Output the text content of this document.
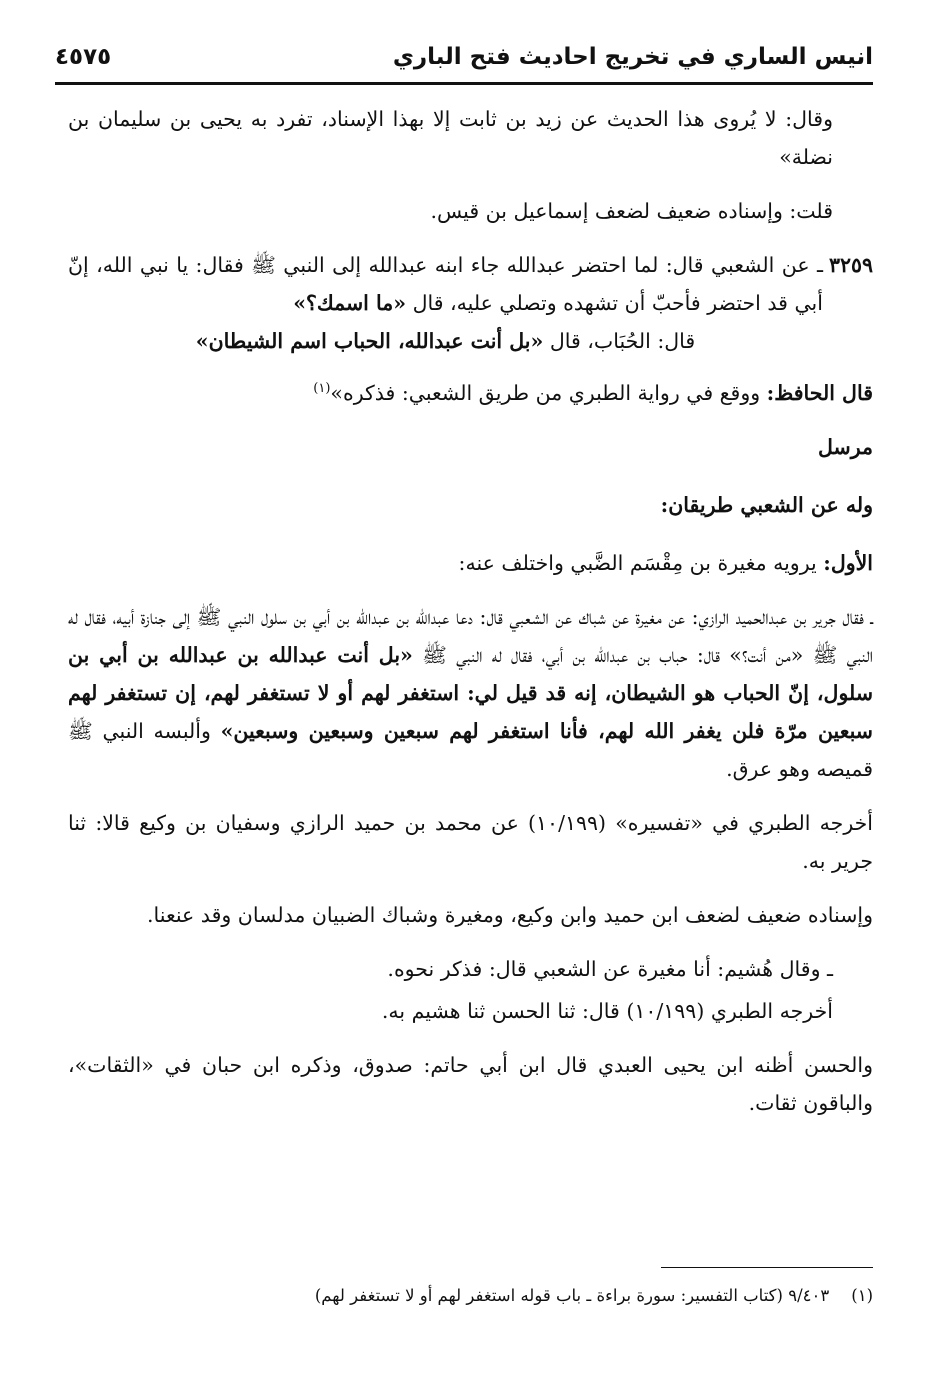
انيس الساري في تخريج احاديث فتح الباري
٤٥٧٥

وقال: لا يُروى هذا الحديث عن زيد بن ثابت إلا بهذا الإسناد، تفرد به يحيى بن سليمان بن نضلة»

قلت: وإسناده ضعيف لضعف إسماعيل بن قيس.

٣٢٥٩
ـ عن الشعبي قال: لما احتضر عبدالله جاء ابنه عبدالله إلى النبي ﷺ فقال: يا نبي الله، إنّ أبي قد احتضر فأحبّ أن تشهده وتصلي عليه، قال «ما اسمك؟»
قال: الحُبَاب، قال «بل أنت عبدالله، الحباب اسم الشيطان»

قال الحافظ: ووقع في رواية الطبري من طريق الشعبي: فذكره»$^{(١)}$

مرسل

وله عن الشعبي طريقان:

الأول: يرويه مغيرة بن مِقْسَم الضَّبي واختلف عنه:

ـ فقال جرير بن عبدالحميد الرازي: عن مغيرة عن شباك عن الشعبي قال: دعا عبدالله بن عبدالله بن أبي بن سلول النبي ﷺ إلى جنازة أبيه، فقال له النبي ﷺ «من أنت؟» قال: حباب بن عبدالله بن أبي، فقال له النبي ﷺ «بل أنت عبدالله بن عبدالله بن أبي بن سلول، إنّ الحباب هو الشيطان، إنه قد قيل لي: استغفر لهم أو لا تستغفر لهم، إن تستغفر لهم سبعين مرّة فلن يغفر الله لهم، فأنا استغفر لهم سبعين وسبعين وسبعين» وألبسه النبي ﷺ قميصه وهو عرق.

أخرجه الطبري في «تفسيره» (١٠/١٩٩) عن محمد بن حميد الرازي وسفيان بن وكيع قالا: ثنا جرير به.

وإسناده ضعيف لضعف ابن حميد وابن وكيع، ومغيرة وشباك الضبيان مدلسان وقد عنعنا.

ـ وقال هُشيم: أنا مغيرة عن الشعبي قال: فذكر نحوه.

أخرجه الطبري (١٠/١٩٩) قال: ثنا الحسن ثنا هشيم به.

والحسن أظنه ابن يحيى العبدي قال ابن أبي حاتم: صدوق، وذكره ابن حبان في «الثقات»، والباقون ثقات.

(١)٩/٤٠٣ (كتاب التفسير: سورة براءة ـ باب قوله استغفر لهم أو لا تستغفر لهم)
